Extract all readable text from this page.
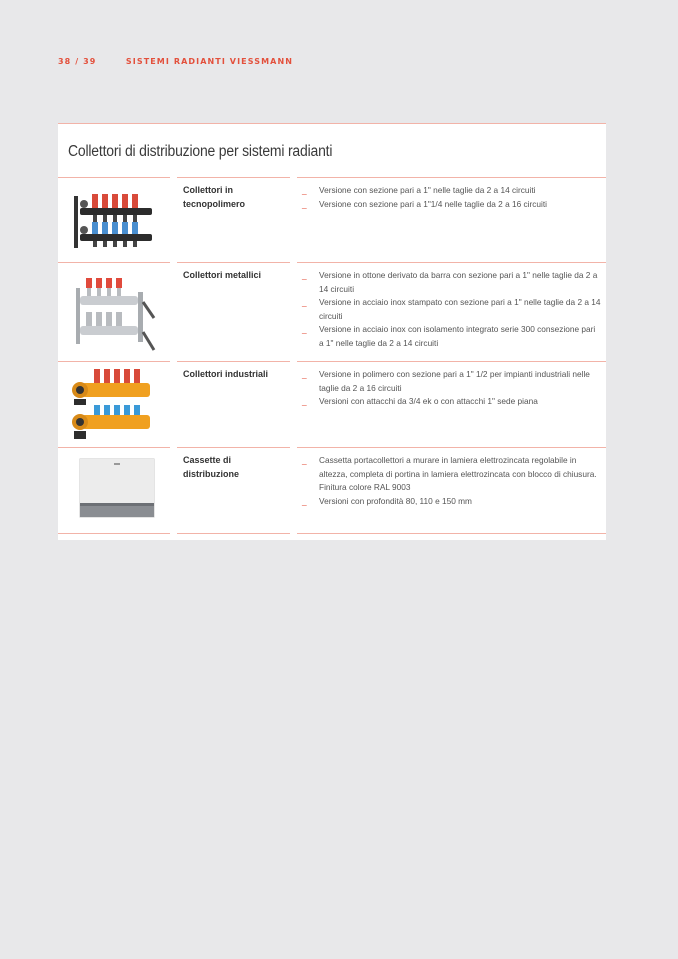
38 / 39	SISTEMI RADIANTI VIESSMANN
Collettori di distribuzione per sistemi radianti
Collettori in tecnopolimero
_ Versione con sezione pari a 1" nelle taglie da 2 a 14 circuiti
_ Versione con sezione pari a 1"1/4 nelle taglie da 2 a 16 circuiti
Collettori metallici	_ Versione in ottone derivato da barra con sezione pari a 1" nelle taglie da 2 a 14 circuiti
_ Versione in acciaio inox stampato con sezione pari a 1" nelle taglie da 2 a 14 circuiti
_ Versione in acciaio inox con isolamento integrato serie 300 consezione pari a 1" nelle taglie da 2 a 14 circuiti
Collettori industriali	_ Versione in polimero con sezione pari a 1" 1/2 per impianti industriali nelle taglie da 2 a 16 circuiti
_ Versioni con attacchi da 3/4 ek o con attacchi 1" sede piana
Cassette di distribuzione
_ Cassetta portacollettori a murare in lamiera elettrozincata regolabile in altezza, completa di portina in lamiera elettrozincata con blocco di chiusura. Finitura colore RAL 9003
_ Versioni con profondità 80, 110 e 150 mm
